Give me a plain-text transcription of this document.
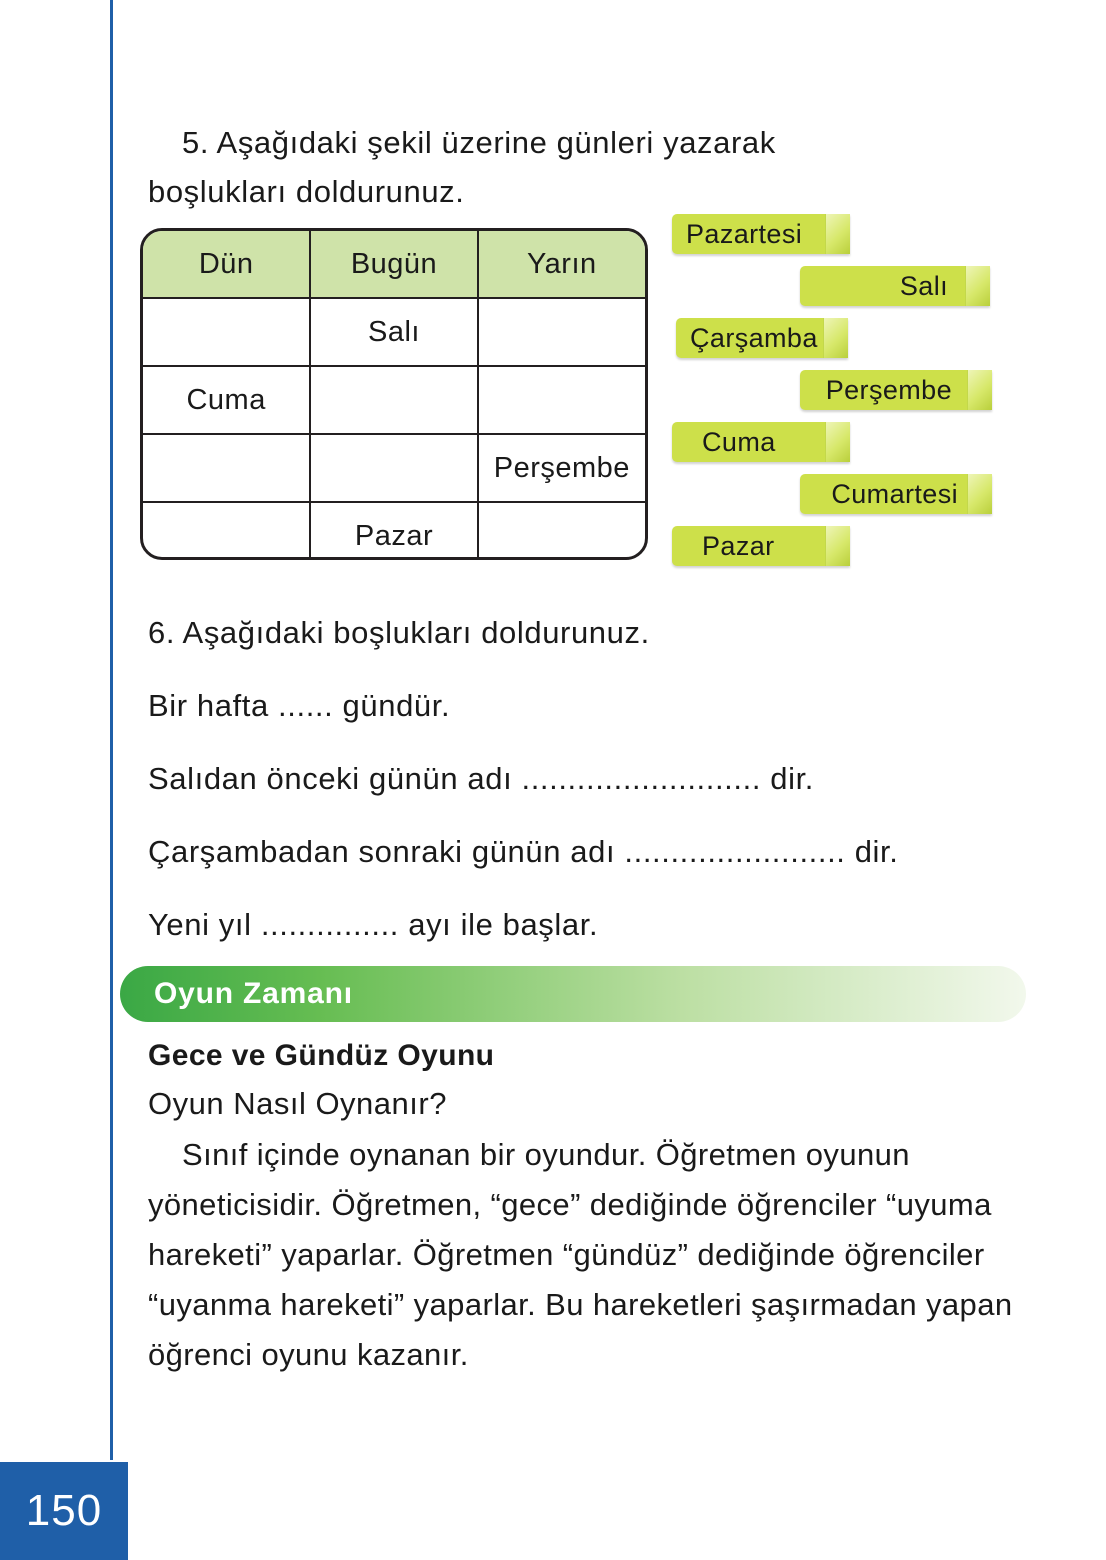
5. Aşağıdaki şekil üzerine günleri yazarak
boşlukları doldurunuz.
Dün	Bugün	Yarın
	Salı	
Cuma		
		Perşembe
	Pazar	
Pazartesi
Salı
Çarşamba
Perşembe
Cuma
Cumartesi
Pazar
6. Aşağıdaki boşlukları doldurunuz.
Bir hafta ...... gündür.
Salıdan önceki günün adı .......................... dir.
Çarşambadan sonraki günün adı ........................ dir.
Yeni yıl ............... ayı ile başlar.
Oyun Zamanı
Gece ve Gündüz Oyunu
Oyun Nasıl Oynanır?
Sınıf içinde oynanan bir oyundur. Öğretmen oyunun yöneticisidir. Öğretmen, “gece” dediğinde öğrenciler “uyuma hareketi” yaparlar. Öğretmen “gündüz” dediğinde öğrenciler “uyanma hareketi” yaparlar. Bu hareketleri şaşırmadan yapan öğrenci oyunu kazanır.
150
